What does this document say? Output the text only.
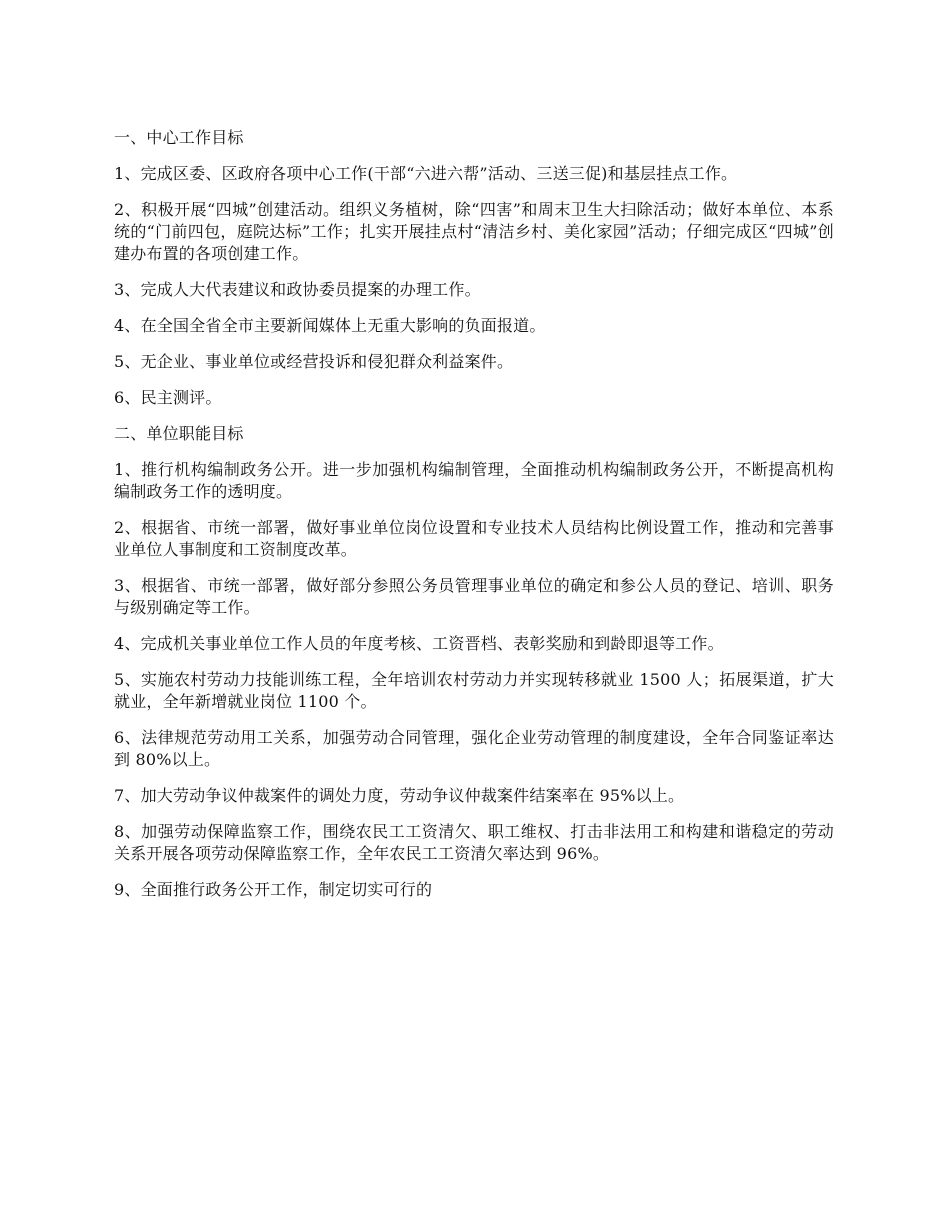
一、中心工作目标

1、完成区委、区政府各项中心工作(干部“六进六帮”活动、三送三促)和基层挂点工作。

2、积极开展“四城”创建活动。组织义务植树，除“四害”和周末卫生大扫除活动；做好本单位、本系统的“门前四包，庭院达标”工作；扎实开展挂点村“清洁乡村、美化家园”活动；仔细完成区“四城”创建办布置的各项创建工作。

3、完成人大代表建议和政协委员提案的办理工作。

4、在全国全省全市主要新闻媒体上无重大影响的负面报道。

5、无企业、事业单位或经营投诉和侵犯群众利益案件。

6、民主测评。

二、单位职能目标

1、推行机构编制政务公开。进一步加强机构编制管理，全面推动机构编制政务公开，不断提高机构编制政务工作的透明度。

2、根据省、市统一部署，做好事业单位岗位设置和专业技术人员结构比例设置工作，推动和完善事业单位人事制度和工资制度改革。

3、根据省、市统一部署，做好部分参照公务员管理事业单位的确定和参公人员的登记、培训、职务与级别确定等工作。

4、完成机关事业单位工作人员的年度考核、工资晋档、表彰奖励和到龄即退等工作。

5、实施农村劳动力技能训练工程，全年培训农村劳动力并实现转移就业 1500 人；拓展渠道，扩大就业，全年新增就业岗位 1100 个。

6、法律规范劳动用工关系，加强劳动合同管理，强化企业劳动管理的制度建设，全年合同鉴证率达到 80%以上。

7、加大劳动争议仲裁案件的调处力度，劳动争议仲裁案件结案率在 95%以上。

8、加强劳动保障监察工作，围绕农民工工资清欠、职工维权、打击非法用工和构建和谐稳定的劳动关系开展各项劳动保障监察工作，全年农民工工资清欠率达到 96%。

9、全面推行政务公开工作，制定切实可行的
